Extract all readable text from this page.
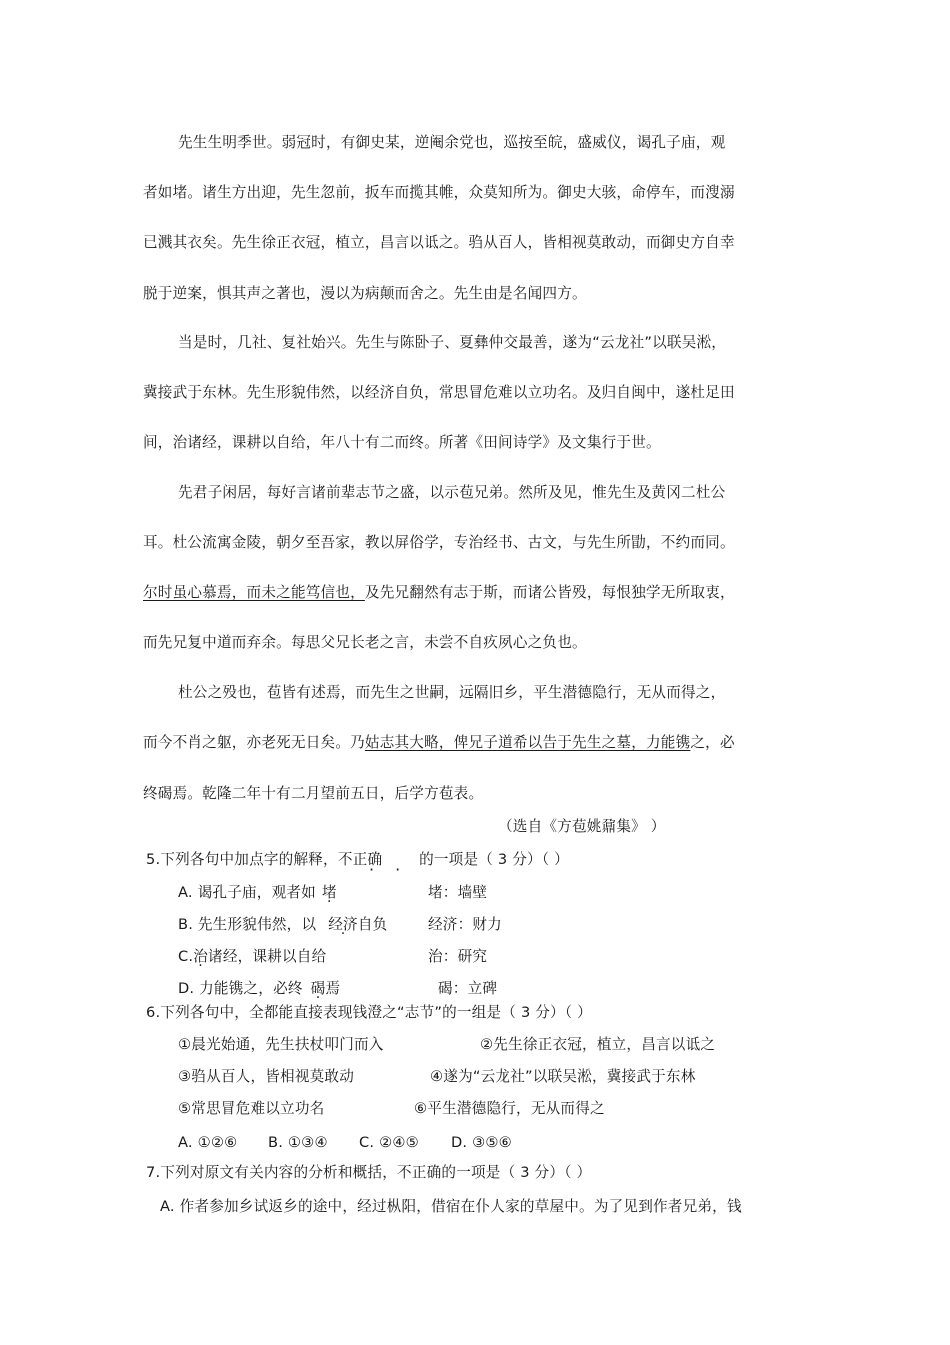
先生生明季世。弱冠时，有御史某，逆阉余党也，巡按至皖，盛威仪，谒孔子庙，观
者如堵。诸生方出迎，先生忽前，扳车而揽其帷，众莫知所为。御史大骇，命停车，而溲溺
已溅其衣矣。先生徐正衣冠，植立，昌言以诋之。驺从百人，皆相视莫敢动，而御史方自幸
脱于逆案，惧其声之著也，漫以为病颠而舍之。先生由是名闻四方。
当是时，几社、复社始兴。先生与陈卧子、夏彝仲交最善，遂为“云龙社”以联吴淞，
冀接武于东林。先生形貌伟然，以经济自负，常思冒危难以立功名。及归自闽中，遂杜足田
间，治诸经，课耕以自给，年八十有二而终。所著《田间诗学》及文集行于世。
先君子闲居，每好言诸前辈志节之盛，以示苞兄弟。然所及见，惟先生及黄冈二杜公
耳。杜公流寓金陵，朝夕至吾家，教以屏俗学，专治经书、古文，与先生所勖，不约而同。
尔时虽心慕焉，而未之能笃信也，及先兄翻然有志于斯，而诸公皆殁，每恨独学无所取衷，
而先兄复中道而弃余。每思父兄长老之言，未尝不自疚夙心之负也。
杜公之殁也，苞皆有述焉，而先生之世嗣，远隔旧乡，平生潜德隐行，无从而得之，
而今不肖之躯，亦老死无日矣。乃姑志其大略，俾兄子道希以告于先生之墓，力能镌之，必
终碣焉。乾隆二年十有二月望前五日，后学方苞表。
（选自《方苞姚鼐集》 ）
5.下列各句中加点字的解释，不正确	的一项是（ 3 分）（ ）
· ·
A. 谒孔子庙，观者如 堵	堵：墙壁
B. 先生形貌伟然，以 经济自负	经济：财力
C.治诸经，课耕以自给	治：研究
D. 力能镌之，必终 碣焉	碣：立碑
6.下列各句中，全都能直接表现钱澄之“志节”的一组是（ 3 分）（ ）
①晨光始通，先生扶杖叩门而入	②先生徐正衣冠，植立，昌言以诋之
③驺从百人，皆相视莫敢动	④遂为“云龙社”以联吴淞，冀接武于东林
⑤常思冒危难以立功名	⑥平生潜德隐行，无从而得之
A. ①②⑥ B. ①③④ C. ②④⑤ D. ③⑤⑥
7.下列对原文有关内容的分析和概括，不正确的一项是（ 3 分）（ ）
A. 作者参加乡试返乡的途中，经过枞阳，借宿在仆人家的草屋中。为了见到作者兄弟，钱
